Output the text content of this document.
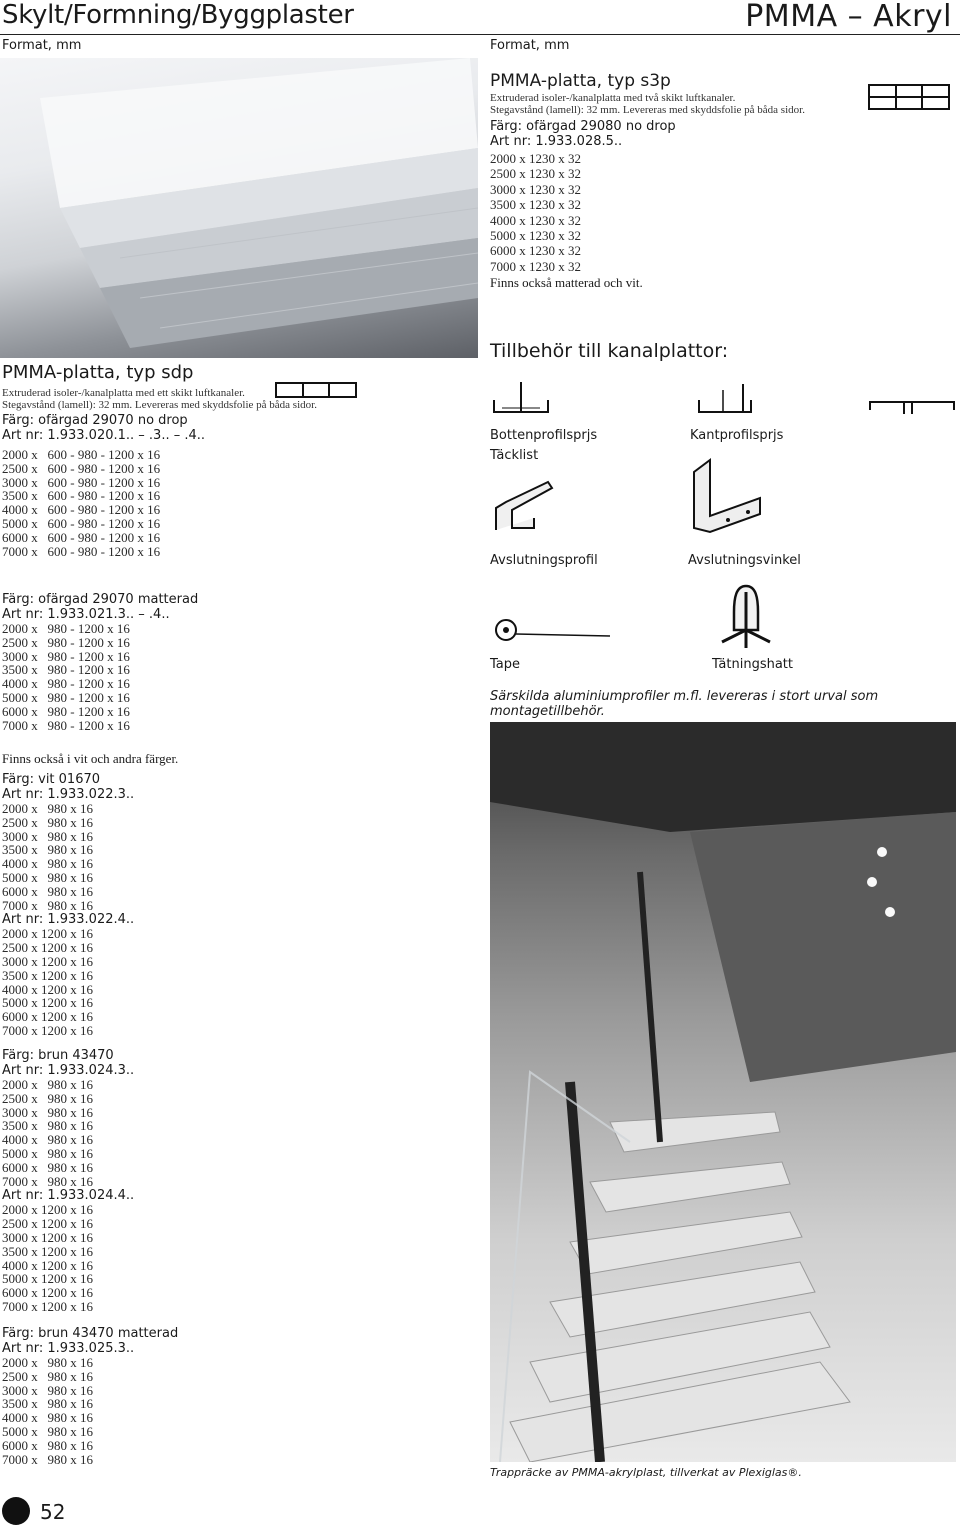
Skylt/Formning/Byggplaster	PMMA – Akryl
Format, mm	Format, mm
PMMA-platta, typ s3p
Extruderad isoler-/kanalplatta med två skikt luftkanaler.
Stegavstånd (lamell): 32 mm. Levereras med skyddsfolie på båda sidor.
Färg: ofärgad 29080 no drop
Art nr: 1.933.028.5..
2000 x 1230 x 32
2500 x 1230 x 32
3000 x 1230 x 32
3500 x 1230 x 32
4000 x 1230 x 32
5000 x 1230 x 32
6000 x 1230 x 32
7000 x 1230 x 32
Finns också matterad och vit.
PMMA-platta, typ sdp
Extruderad isoler-/kanalplatta med ett skikt luftkanaler.
Stegavstånd (lamell): 32 mm. Levereras med skyddsfolie på båda sidor.
Färg: ofärgad 29070 no drop
Art nr: 1.933.020.1.. – .3.. – .4..
2000 x   600 - 980 - 1200 x 16
2500 x   600 - 980 - 1200 x 16
3000 x   600 - 980 - 1200 x 16
3500 x   600 - 980 - 1200 x 16
4000 x   600 - 980 - 1200 x 16
5000 x   600 - 980 - 1200 x 16
6000 x   600 - 980 - 1200 x 16
7000 x   600 - 980 - 1200 x 16
Färg: ofärgad 29070 matterad
Art nr: 1.933.021.3.. – .4..
2000 x   980 - 1200 x 16
2500 x   980 - 1200 x 16
3000 x   980 - 1200 x 16
3500 x   980 - 1200 x 16
4000 x   980 - 1200 x 16
5000 x   980 - 1200 x 16
6000 x   980 - 1200 x 16
7000 x   980 - 1200 x 16
Finns också i vit och andra färger.
Färg: vit 01670
Art nr: 1.933.022.3..
2000 x   980 x 16
2500 x   980 x 16
3000 x   980 x 16
3500 x   980 x 16
4000 x   980 x 16
5000 x   980 x 16
6000 x   980 x 16
7000 x   980 x 16
Art nr: 1.933.022.4..
2000 x 1200 x 16
2500 x 1200 x 16
3000 x 1200 x 16
3500 x 1200 x 16
4000 x 1200 x 16
5000 x 1200 x 16
6000 x 1200 x 16
7000 x 1200 x 16
Färg: brun 43470
Art nr: 1.933.024.3..
2000 x   980 x 16
2500 x   980 x 16
3000 x   980 x 16
3500 x   980 x 16
4000 x   980 x 16
5000 x   980 x 16
6000 x   980 x 16
7000 x   980 x 16
Art nr: 1.933.024.4..
2000 x 1200 x 16
2500 x 1200 x 16
3000 x 1200 x 16
3500 x 1200 x 16
4000 x 1200 x 16
5000 x 1200 x 16
6000 x 1200 x 16
7000 x 1200 x 16
Färg: brun 43470 matterad
Art nr: 1.933.025.3..
2000 x   980 x 16
2500 x   980 x 16
3000 x   980 x 16
3500 x   980 x 16
4000 x   980 x 16
5000 x   980 x 16
6000 x   980 x 16
7000 x   980 x 16
Tillbehör till kanalplattor:
Bottenprofilsprjs	Kantprofilsprjs
Täcklist
Avslutningsprofil	Avslutningsvinkel
Tape	Tätningshatt
Särskilda aluminiumprofiler m.fl. levereras i stort urval som montagetillbehör.
Trappräcke av PMMA-akrylplast, tillverkat av Plexiglas®.
52
